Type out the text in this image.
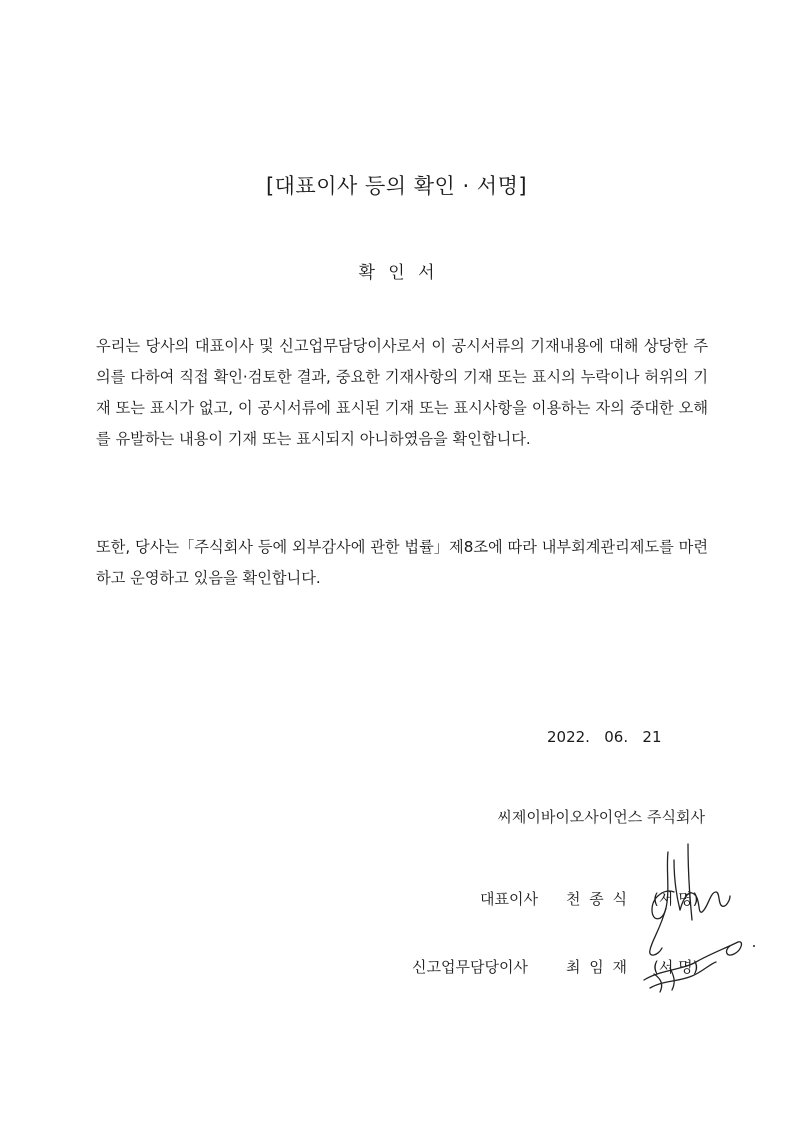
[대표이사 등의 확인 · 서명]
확 인 서
우리는 당사의 대표이사 및 신고업무담당이사로서 이 공시서류의 기재내용에 대해 상당한 주의를 다하여 직접 확인·검토한 결과, 중요한 기재사항의 기재 또는 표시의 누락이나 허위의 기재 또는 표시가 없고, 이 공시서류에 표시된 기재 또는 표시사항을 이용하는 자의 중대한 오해를 유발하는 내용이 기재 또는 표시되지 아니하였음을 확인합니다.
또한, 당사는「주식회사 등에 외부감사에 관한 법률」제8조에 따라 내부회계관리제도를 마련하고 운영하고 있음을 확인합니다.
2022.   06.   21
씨제이바이오사이언스 주식회사
대표이사 천 종 식 (서 명)
신고업무담당이사	최 임 재 (서 명)
